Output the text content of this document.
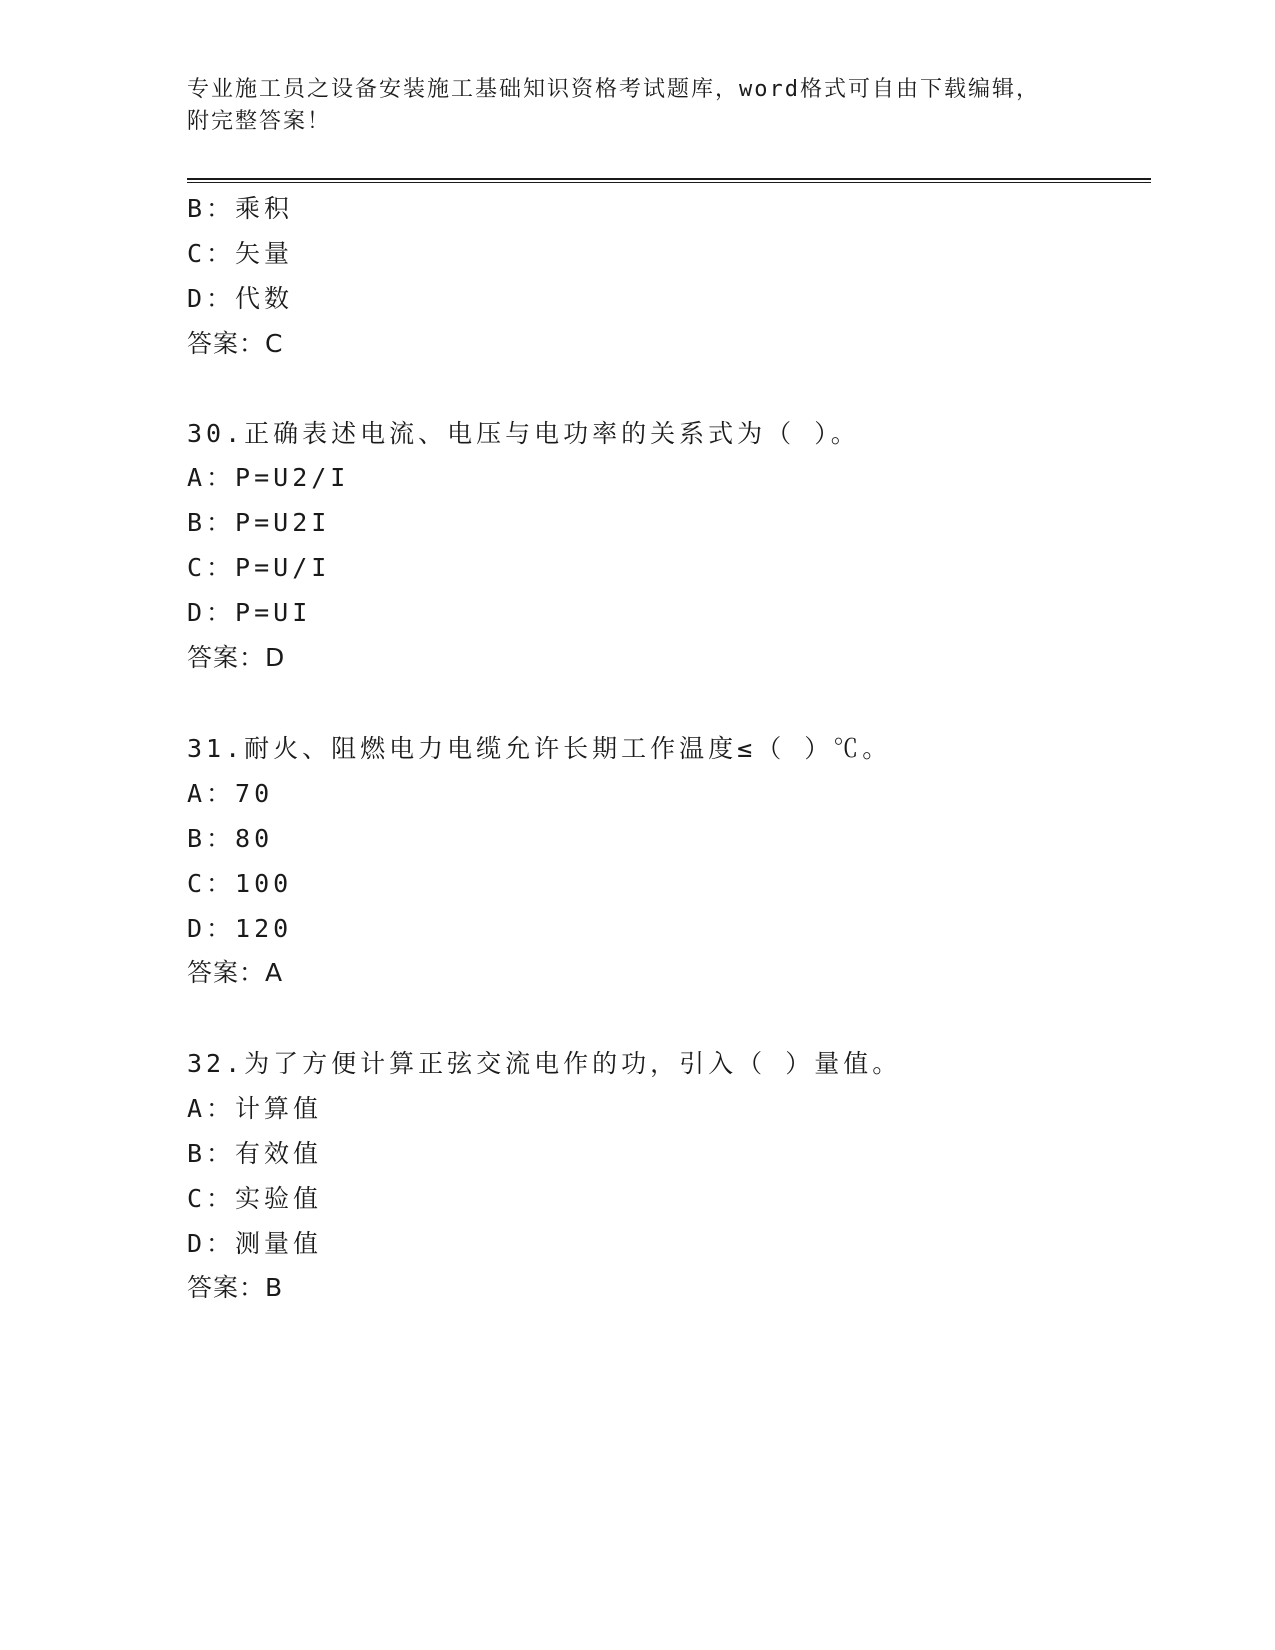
专业施工员之设备安装施工基础知识资格考试题库，word格式可自由下载编辑，
附完整答案！
B：乘积
C：矢量
D：代数
答案：C
30.正确表述电流、电压与电功率的关系式为（ ）。
A：P=U2/I
B：P=U2I
C：P=U/I
D：P=UI
答案：D
31.耐火、阻燃电力电缆允许长期工作温度≤（ ）℃。
A：70
B：80
C：100
D：120
答案：A
32.为了方便计算正弦交流电作的功，引入（ ）量值。
A：计算值
B：有效值
C：实验值
D：测量值
答案：B
